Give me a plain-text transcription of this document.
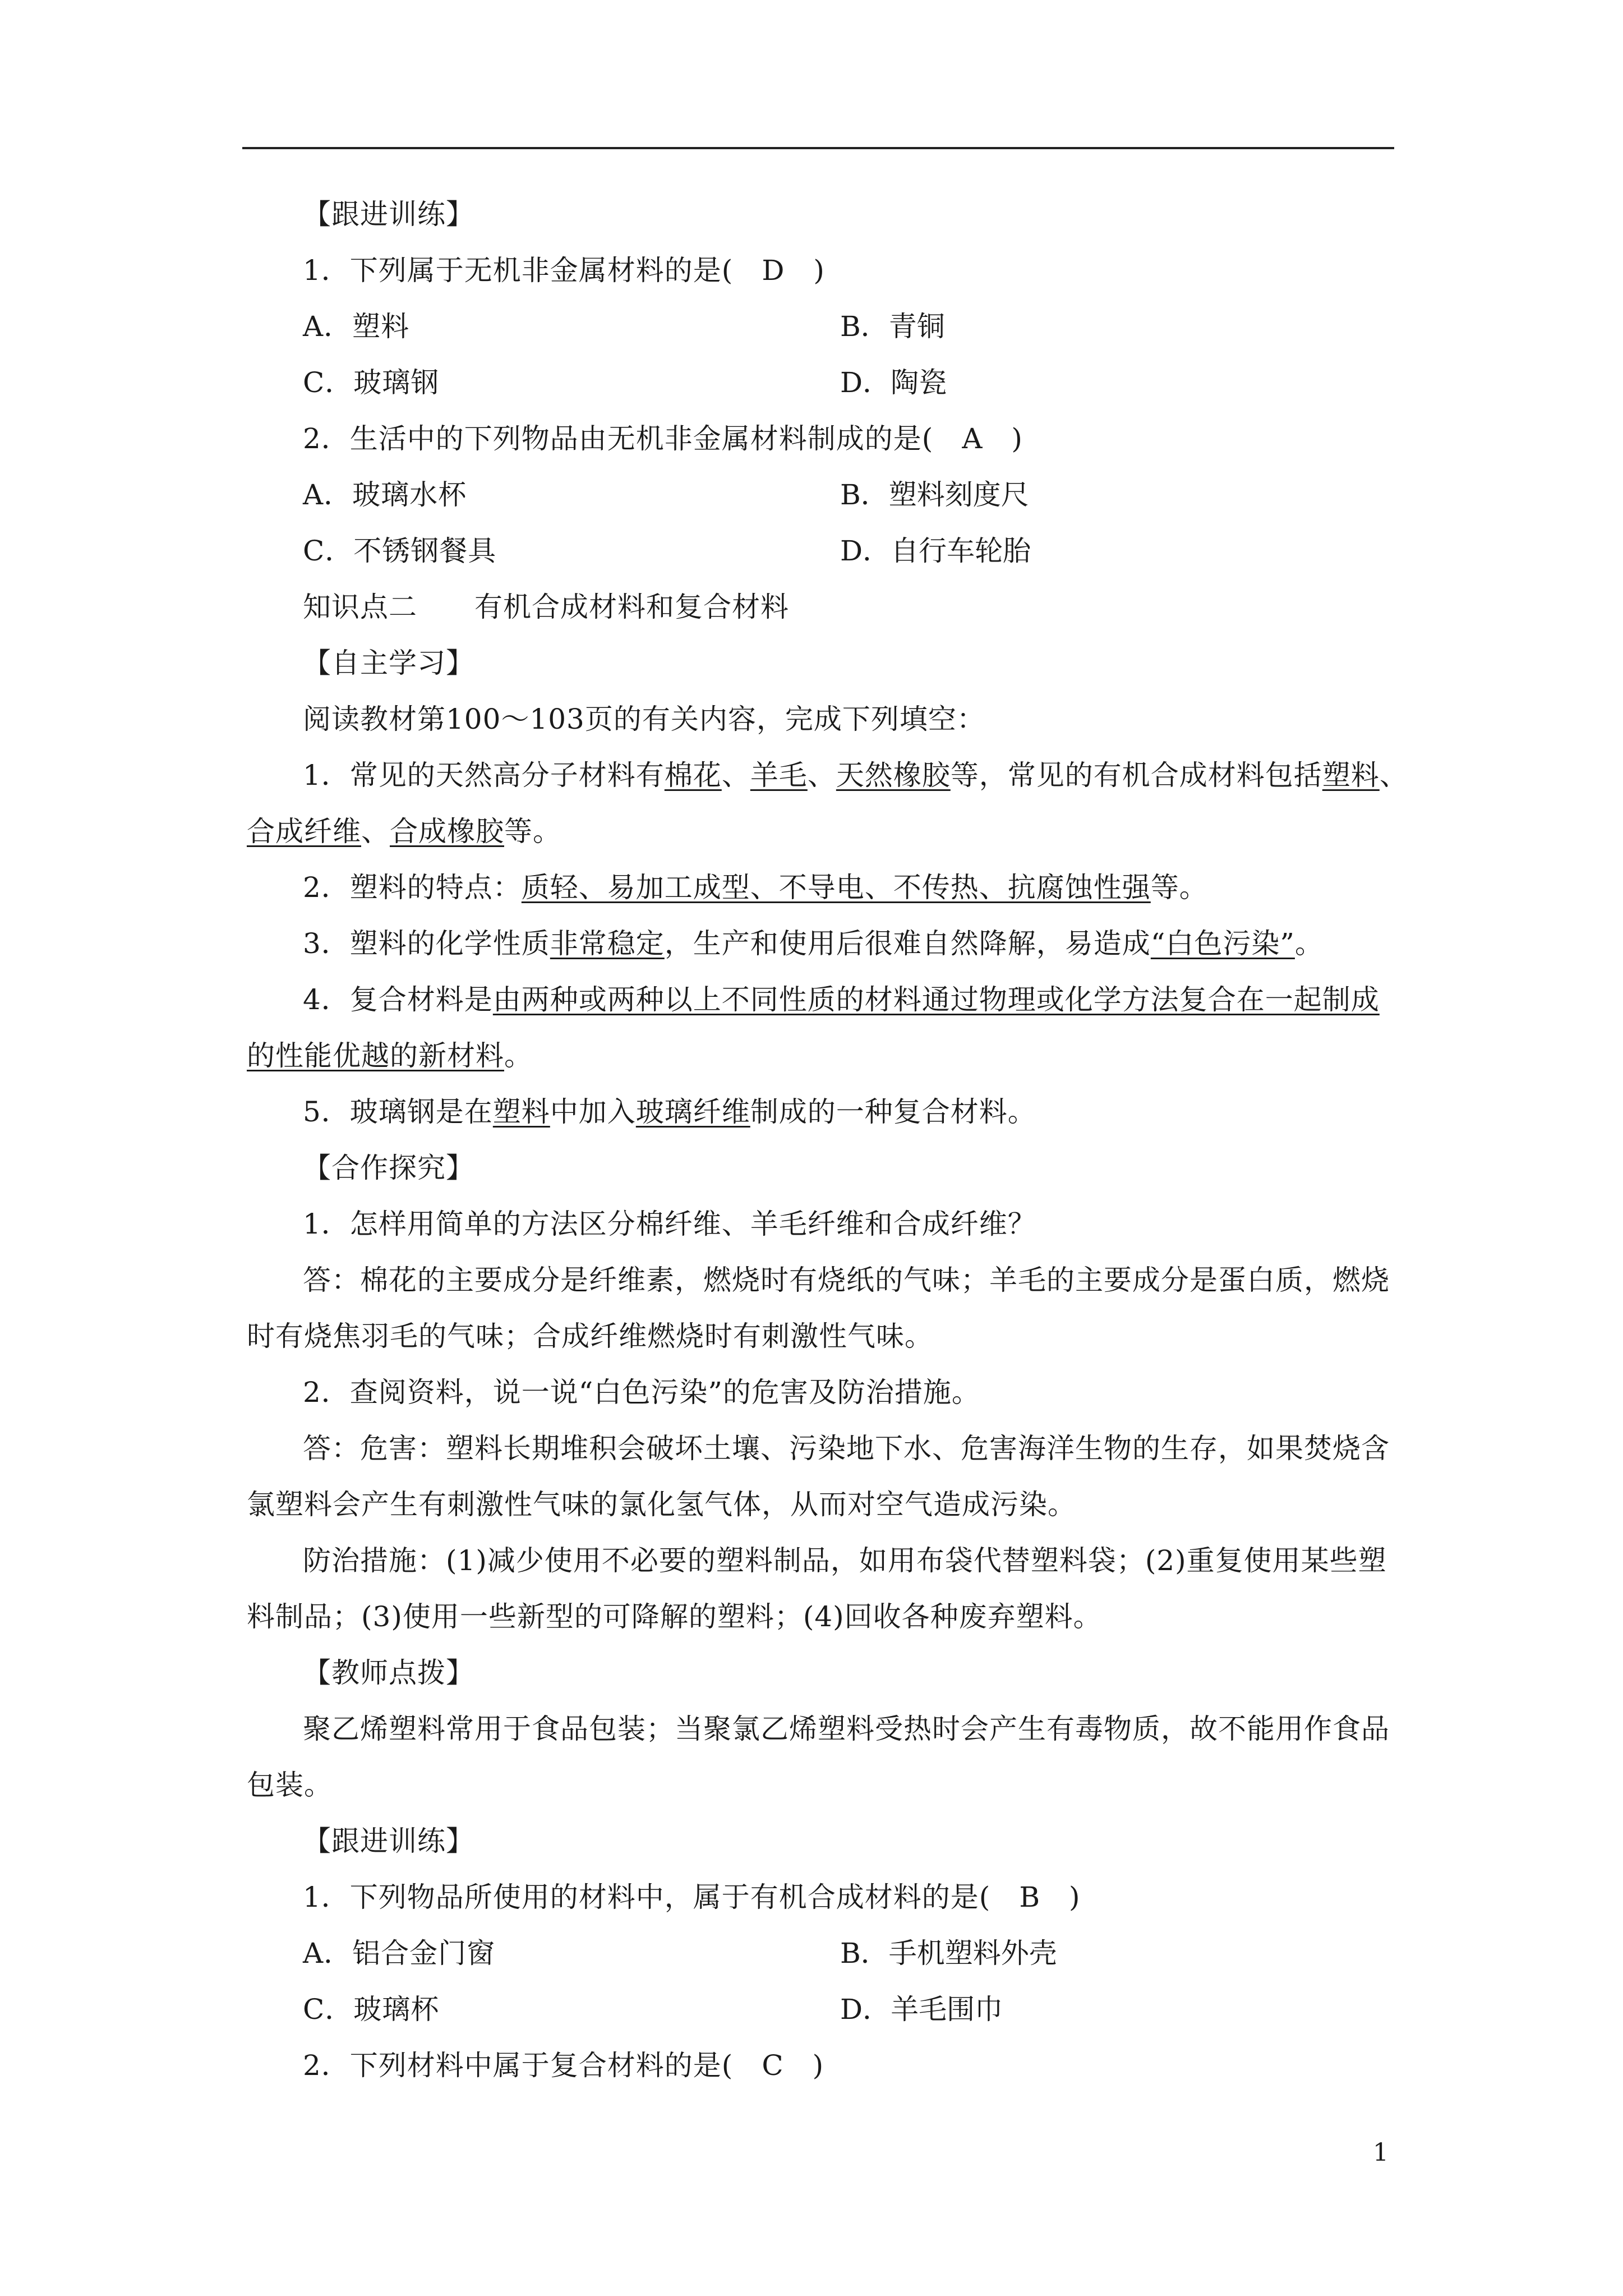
【跟进训练】
1．下列属于无机非金属材料的是(　D　)
A．塑料	B．青铜
C．玻璃钢	D．陶瓷
2．生活中的下列物品由无机非金属材料制成的是(　A　)
A．玻璃水杯	B．塑料刻度尺
C．不锈钢餐具	D．自行车轮胎
知识点二　　有机合成材料和复合材料
【自主学习】
阅读教材第100～103页的有关内容，完成下列填空：
1．常见的天然高分子材料有棉花、羊毛、天然橡胶等，常见的有机合成材料包括塑料、
合成纤维、合成橡胶等。
2．塑料的特点：质轻、易加工成型、不导电、不传热、抗腐蚀性强等。
3．塑料的化学性质非常稳定，生产和使用后很难自然降解，易造成“白色污染”。
4．复合材料是由两种或两种以上不同性质的材料通过物理或化学方法复合在一起制成
的性能优越的新材料。
5．玻璃钢是在塑料中加入玻璃纤维制成的一种复合材料。
【合作探究】
1．怎样用简单的方法区分棉纤维、羊毛纤维和合成纤维？
答：棉花的主要成分是纤维素，燃烧时有烧纸的气味；羊毛的主要成分是蛋白质，燃烧
时有烧焦羽毛的气味；合成纤维燃烧时有刺激性气味。
2．查阅资料，说一说“白色污染”的危害及防治措施。
答：危害：塑料长期堆积会破坏土壤、污染地下水、危害海洋生物的生存，如果焚烧含
氯塑料会产生有刺激性气味的氯化氢气体，从而对空气造成污染。
防治措施：(1)减少使用不必要的塑料制品，如用布袋代替塑料袋；(2)重复使用某些塑
料制品；(3)使用一些新型的可降解的塑料；(4)回收各种废弃塑料。
【教师点拨】
聚乙烯塑料常用于食品包装；当聚氯乙烯塑料受热时会产生有毒物质，故不能用作食品
包装。
【跟进训练】
1．下列物品所使用的材料中，属于有机合成材料的是(　B　)
A．铝合金门窗	B．手机塑料外壳
C．玻璃杯	D．羊毛围巾
2．下列材料中属于复合材料的是(　C　)
1
